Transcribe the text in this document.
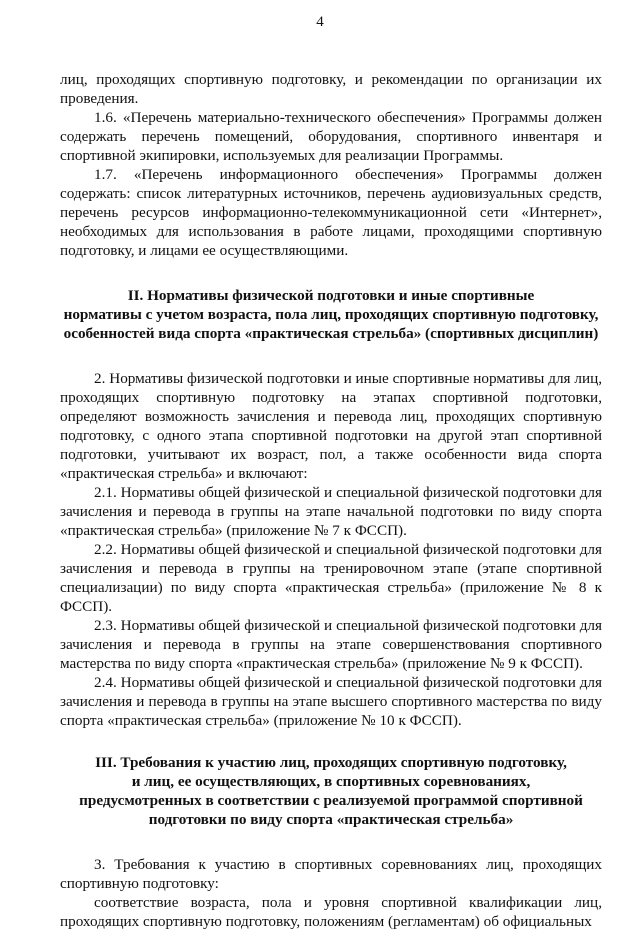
4

лиц, проходящих спортивную подготовку, и рекомендации по организации их проведения.

1.6. «Перечень материально-технического обеспечения» Программы должен содержать перечень помещений, оборудования, спортивного инвентаря и спортивной экипировки, используемых для реализации Программы.

1.7. «Перечень информационного обеспечения» Программы должен содержать: список литературных источников, перечень аудиовизуальных средств, перечень ресурсов информационно-телекоммуникационной сети «Интернет», необходимых для использования в работе лицами, проходящими спортивную подготовку, и лицами ее осуществляющими.

II. Нормативы физической подготовки и иные спортивные
нормативы с учетом возраста, пола лиц, проходящих спортивную подготовку,
особенностей вида спорта «практическая стрельба» (спортивных дисциплин)

2. Нормативы физической подготовки и иные спортивные нормативы для лиц, проходящих спортивную подготовку на этапах спортивной подготовки, определяют возможность зачисления и перевода лиц, проходящих спортивную подготовку, с одного этапа спортивной подготовки на другой этап спортивной подготовки, учитывают их возраст, пол, а также особенности вида спорта «практическая стрельба» и включают:

2.1. Нормативы общей физической и специальной физической подготовки для зачисления и перевода в группы на этапе начальной подготовки по виду спорта «практическая стрельба» (приложение № 7 к ФССП).

2.2. Нормативы общей физической и специальной физической подготовки для зачисления и перевода в группы на тренировочном этапе (этапе спортивной специализации) по виду спорта «практическая стрельба» (приложение № 8 к ФССП).

2.3. Нормативы общей физической и специальной физической подготовки для зачисления и перевода в группы на этапе совершенствования спортивного мастерства по виду спорта «практическая стрельба» (приложение № 9 к ФССП).

2.4. Нормативы общей физической и специальной физической подготовки для зачисления и перевода в группы на этапе высшего спортивного мастерства по виду спорта «практическая стрельба» (приложение № 10 к ФССП).

III. Требования к участию лиц, проходящих спортивную подготовку,
и лиц, ее осуществляющих, в спортивных соревнованиях,
предусмотренных в соответствии с реализуемой программой спортивной
подготовки по виду спорта «практическая стрельба»

3. Требования к участию в спортивных соревнованиях лиц, проходящих спортивную подготовку:

соответствие возраста, пола и уровня спортивной квалификации лиц, проходящих спортивную подготовку, положениям (регламентам) об официальных
